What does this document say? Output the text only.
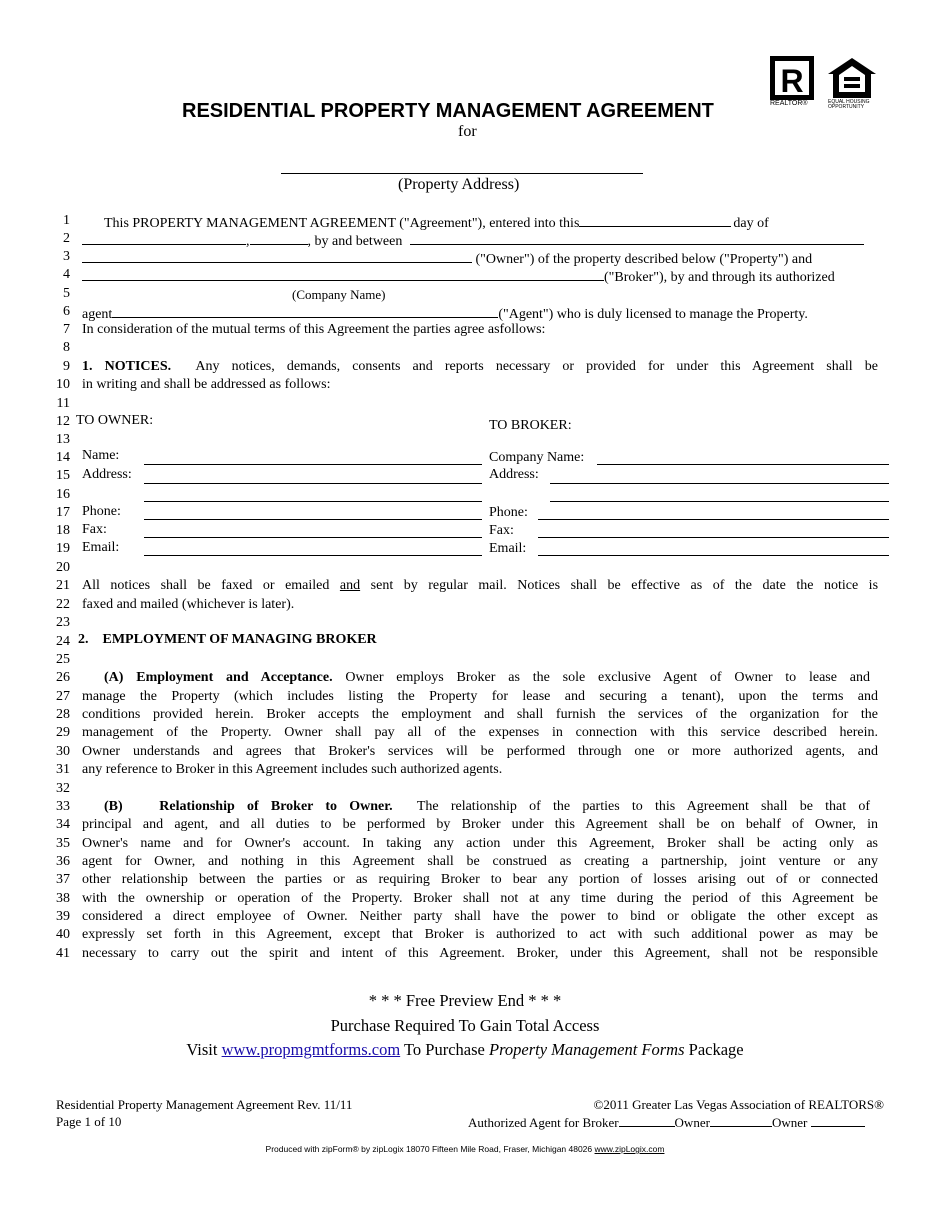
R
REALTOR®	EQUAL HOUSING OPPORTUNITY
RESIDENTIAL PROPERTY MANAGEMENT AGREEMENT
for
(Property Address)
1
2
3
4
5
6
7
8
9
10
11
12
13
14
15
16
17
18
19
20
21
22
23
24
25
26
27
28
29
30
31
32
33
34
35
36
37
38
39
40
41
This PROPERTY MANAGEMENT AGREEMENT ("Agreement"), entered into this	day of
,	, by and between
("Owner") of the property described below ("Property") and
("Broker"), by and through its authorized
(Company Name)
agent	("Agent") who is duly licensed to manage the Property.
In consideration of the mutual terms of this Agreement the parties agree asfollows:
1. NOTICES. Any notices, demands, consents and reports necessary or provided for under this Agreement shall be
in writing and shall be addressed as follows:
TO OWNER:	TO BROKER:
Name:
Address:
Phone:
Fax:
Email:
Company Name:
Address:
Phone:
Fax:
Email:
All notices shall be faxed or emailed and sent by regular mail. Notices shall be effective as of the date the notice is
faxed and mailed (whichever is later).
2.    EMPLOYMENT OF MANAGING BROKER
(A) Employment and Acceptance. Owner employs Broker as the sole exclusive Agent of Owner to lease and
manage the Property (which includes listing the Property for lease and securing a tenant), upon the terms and
conditions provided herein. Broker accepts the employment and shall furnish the services of the organization for the
management of the Property. Owner shall pay all of the expenses in connection with this service described herein.
Owner understands and agrees that Broker's services will be performed through one or more authorized agents, and
any reference to Broker in this Agreement includes such authorized agents.
(B)   Relationship of Broker to Owner. The relationship of the parties to this Agreement shall be that of
principal and agent, and all duties to be performed by Broker under this Agreement shall be on behalf of Owner, in
Owner's name and for Owner's account. In taking any action under this Agreement, Broker shall be acting only as
agent for Owner, and nothing in this Agreement shall be construed as creating a partnership, joint venture or any
other relationship between the parties or as requiring Broker to bear any portion of losses arising out of or connected
with the ownership or operation of the Property. Broker shall not at any time during the period of this Agreement be
considered a direct employee of Owner. Neither party shall have the power to bind or obligate the other except as
expressly set forth in this Agreement, except that Broker is authorized to act with such additional power as may be
necessary to carry out the spirit and intent of this Agreement. Broker, under this Agreement, shall not be responsible
* * * Free Preview End * * *
Purchase Required To Gain Total Access
Visit www.propmgmtforms.com To Purchase Property Management Forms Package
Residential Property Management Agreement Rev. 11/11
Page 1 of 10
©2011 Greater Las Vegas Association of REALTORS®
Authorized Agent for Broker	Owner	Owner
Produced with zipForm® by zipLogix 18070 Fifteen Mile Road, Fraser, Michigan 48026 www.zipLogix.com
